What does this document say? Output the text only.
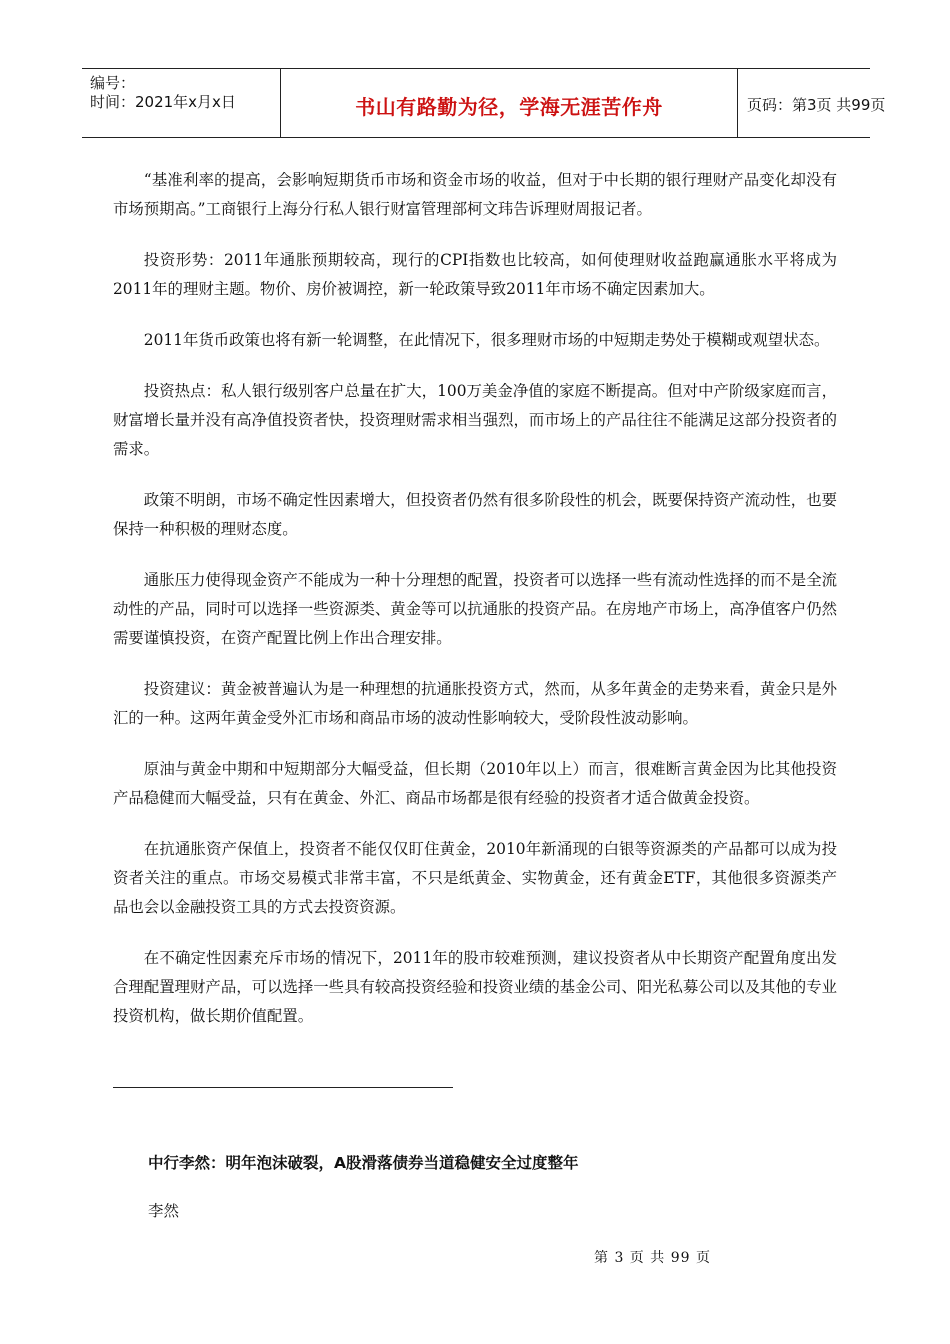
编号：
时间：2021年x月x日	书山有路勤为径，学海无涯苦作舟	页码：第3页 共99页

“基准利率的提高，会影响短期货币市场和资金市场的收益，但对于中长期的银行理财产品变化却没有市场预期高。”工商银行上海分行私人银行财富管理部柯文玮告诉理财周报记者。

投资形势：2011年通胀预期较高，现行的CPI指数也比较高，如何使理财收益跑赢通胀水平将成为2011年的理财主题。物价、房价被调控，新一轮政策导致2011年市场不确定因素加大。

2011年货币政策也将有新一轮调整，在此情况下，很多理财市场的中短期走势处于模糊或观望状态。

投资热点：私人银行级别客户总量在扩大，100万美金净值的家庭不断提高。但对中产阶级家庭而言，财富增长量并没有高净值投资者快，投资理财需求相当强烈，而市场上的产品往往不能满足这部分投资者的需求。

政策不明朗，市场不确定性因素增大，但投资者仍然有很多阶段性的机会，既要保持资产流动性，也要保持一种积极的理财态度。

通胀压力使得现金资产不能成为一种十分理想的配置，投资者可以选择一些有流动性选择的而不是全流动性的产品，同时可以选择一些资源类、黄金等可以抗通胀的投资产品。在房地产市场上，高净值客户仍然需要谨慎投资，在资产配置比例上作出合理安排。

投资建议：黄金被普遍认为是一种理想的抗通胀投资方式，然而，从多年黄金的走势来看，黄金只是外汇的一种。这两年黄金受外汇市场和商品市场的波动性影响较大，受阶段性波动影响。

原油与黄金中期和中短期部分大幅受益，但长期（2010年以上）而言，很难断言黄金因为比其他投资产品稳健而大幅受益，只有在黄金、外汇、商品市场都是很有经验的投资者才适合做黄金投资。

在抗通胀资产保值上，投资者不能仅仅盯住黄金，2010年新涌现的白银等资源类的产品都可以成为投资者关注的重点。市场交易模式非常丰富，不只是纸黄金、实物黄金，还有黄金ETF，其他很多资源类产品也会以金融投资工具的方式去投资资源。

在不确定性因素充斥市场的情况下，2011年的股市较难预测，建议投资者从中长期资产配置角度出发合理配置理财产品，可以选择一些具有较高投资经验和投资业绩的基金公司、阳光私募公司以及其他的专业投资机构，做长期价值配置。

中行李然：明年泡沫破裂，A股滑落债券当道稳健安全过度整年
李然
第 3 页 共 99 页
